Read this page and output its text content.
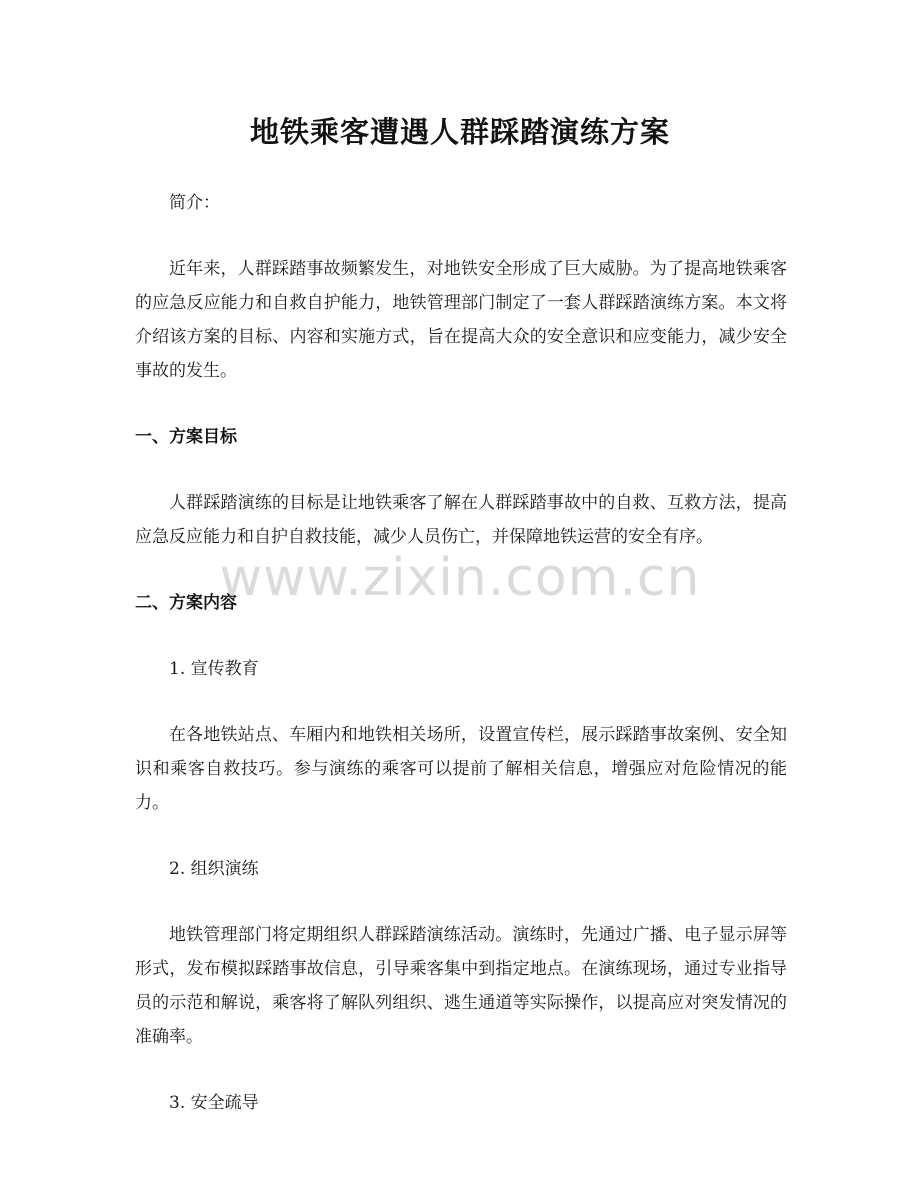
地铁乘客遭遇人群踩踏演练方案

简介：

近年来，人群踩踏事故频繁发生，对地铁安全形成了巨大威胁。为了提高地铁乘客的应急反应能力和自救自护能力，地铁管理部门制定了一套人群踩踏演练方案。本文将介绍该方案的目标、内容和实施方式，旨在提高大众的安全意识和应变能力，减少安全事故的发生。

一、方案目标

人群踩踏演练的目标是让地铁乘客了解在人群踩踏事故中的自救、互救方法，提高应急反应能力和自护自救技能，减少人员伤亡，并保障地铁运营的安全有序。

二、方案内容

1. 宣传教育

在各地铁站点、车厢内和地铁相关场所，设置宣传栏，展示踩踏事故案例、安全知识和乘客自救技巧。参与演练的乘客可以提前了解相关信息，增强应对危险情况的能力。

2. 组织演练

地铁管理部门将定期组织人群踩踏演练活动。演练时，先通过广播、电子显示屏等形式，发布模拟踩踏事故信息，引导乘客集中到指定地点。在演练现场，通过专业指导员的示范和解说，乘客将了解队列组织、逃生通道等实际操作，以提高应对突发情况的准确率。

3. 安全疏导

www.zixin.com.cn
